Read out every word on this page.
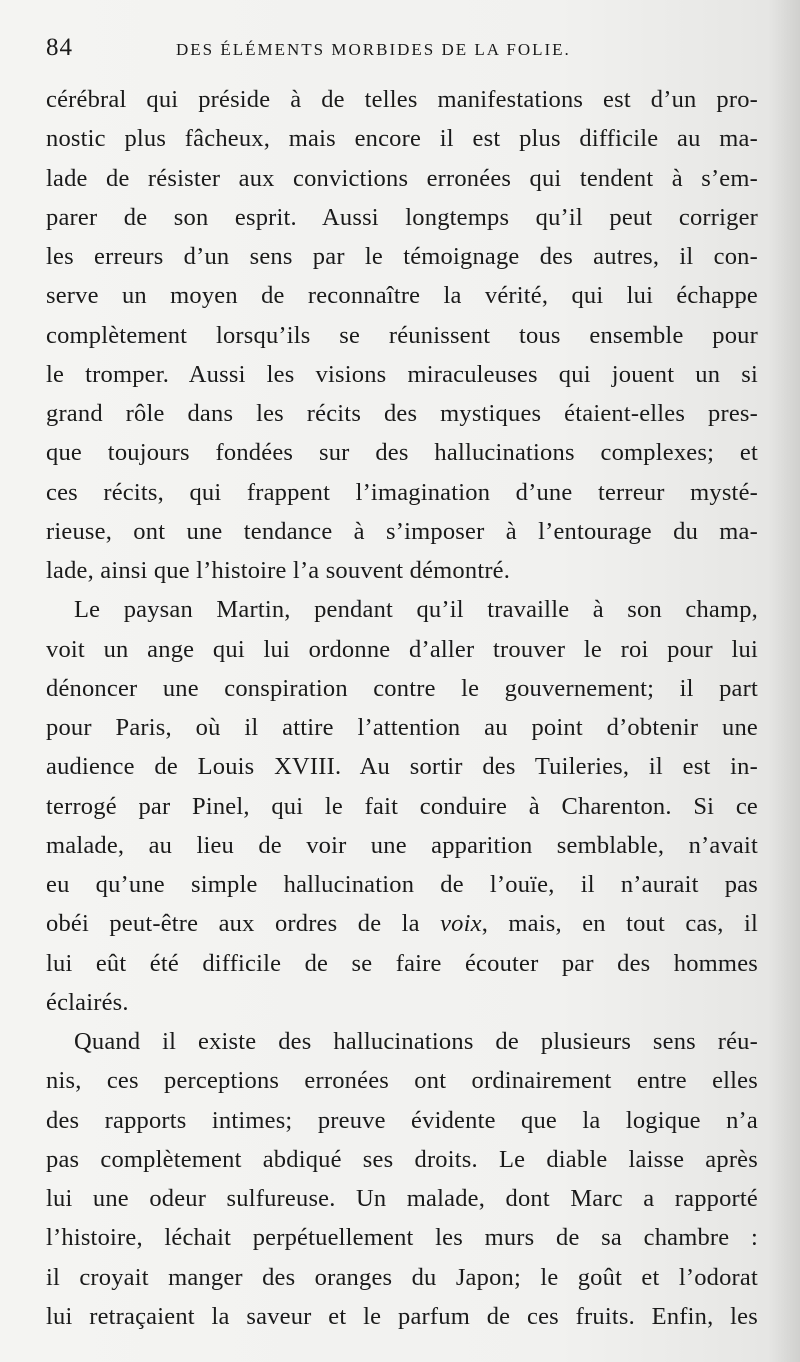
84	DES ÉLÉMENTS MORBIDES DE LA FOLIE.
cérébral qui préside à de telles manifestations est d’un pro-
nostic plus fâcheux, mais encore il est plus difficile au ma-
lade de résister aux convictions erronées qui tendent à s’em-
parer de son esprit. Aussi longtemps qu’il peut corriger
les erreurs d’un sens par le témoignage des autres, il con-
serve un moyen de reconnaître la vérité, qui lui échappe
complètement lorsqu’ils se réunissent tous ensemble pour
le tromper. Aussi les visions miraculeuses qui jouent un si
grand rôle dans les récits des mystiques étaient-elles pres-
que toujours fondées sur des hallucinations complexes; et
ces récits, qui frappent l’imagination d’une terreur mysté-
rieuse, ont une tendance à s’imposer à l’entourage du ma-
lade, ainsi que l’histoire l’a souvent démontré.
Le paysan Martin, pendant qu’il travaille à son champ,
voit un ange qui lui ordonne d’aller trouver le roi pour lui
dénoncer une conspiration contre le gouvernement; il part
pour Paris, où il attire l’attention au point d’obtenir une
audience de Louis XVIII. Au sortir des Tuileries, il est in-
terrogé par Pinel, qui le fait conduire à Charenton. Si ce
malade, au lieu de voir une apparition semblable, n’avait
eu qu’une simple hallucination de l’ouïe, il n’aurait pas
obéi peut-être aux ordres de la voix, mais, en tout cas, il
lui eût été difficile de se faire écouter par des hommes
éclairés.
Quand il existe des hallucinations de plusieurs sens réu-
nis, ces perceptions erronées ont ordinairement entre elles
des rapports intimes; preuve évidente que la logique n’a
pas complètement abdiqué ses droits. Le diable laisse après
lui une odeur sulfureuse. Un malade, dont Marc a rapporté
l’histoire, léchait perpétuellement les murs de sa chambre :
il croyait manger des oranges du Japon; le goût et l’odorat
lui retraçaient la saveur et le parfum de ces fruits. Enfin, les
